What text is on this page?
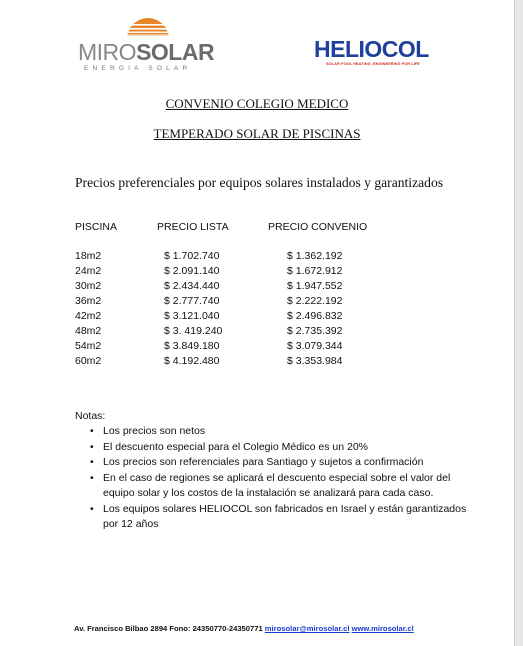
MIROSOLAR
ENERGIA SOLAR
HELIOCOL
SOLAR POOL HEATING, ENGINEERING FOR LIFE
CONVENIO COLEGIO MEDICO
TEMPERADO SOLAR DE PISCINAS
Precios preferenciales por equipos solares instalados y garantizados
PISCINA	PRECIO LISTA	PRECIO CONVENIO
18m2	$ 1.702.740	$ 1.362.192
24m2	$ 2.091.140	$ 1.672.912
30m2	$ 2.434.440	$ 1.947.552
36m2	$ 2.777.740	$ 2.222.192
42m2	$ 3.121.040	$ 2.496.832
48m2	$ 3. 419.240	$ 2.735.392
54m2	$ 3.849.180	$ 3.079.344
60m2	$ 4.192.480	$ 3.353.984
Notas:
• Los precios son netos
• El descuento especial para el Colegio Médico es un 20%
• Los precios son referenciales para Santiago y sujetos a confirmación
• En el caso de regiones se aplicará el descuento especial sobre el valor del equipo solar y los costos de la instalación se analizará para cada caso.
• Los equipos solares HELIOCOL son fabricados en Israel y están garantizados por 12 años
Av. Francisco Bilbao 2894 Fono: 24350770-24350771 mirosolar@mirosolar.cl www.mirosolar.cl
